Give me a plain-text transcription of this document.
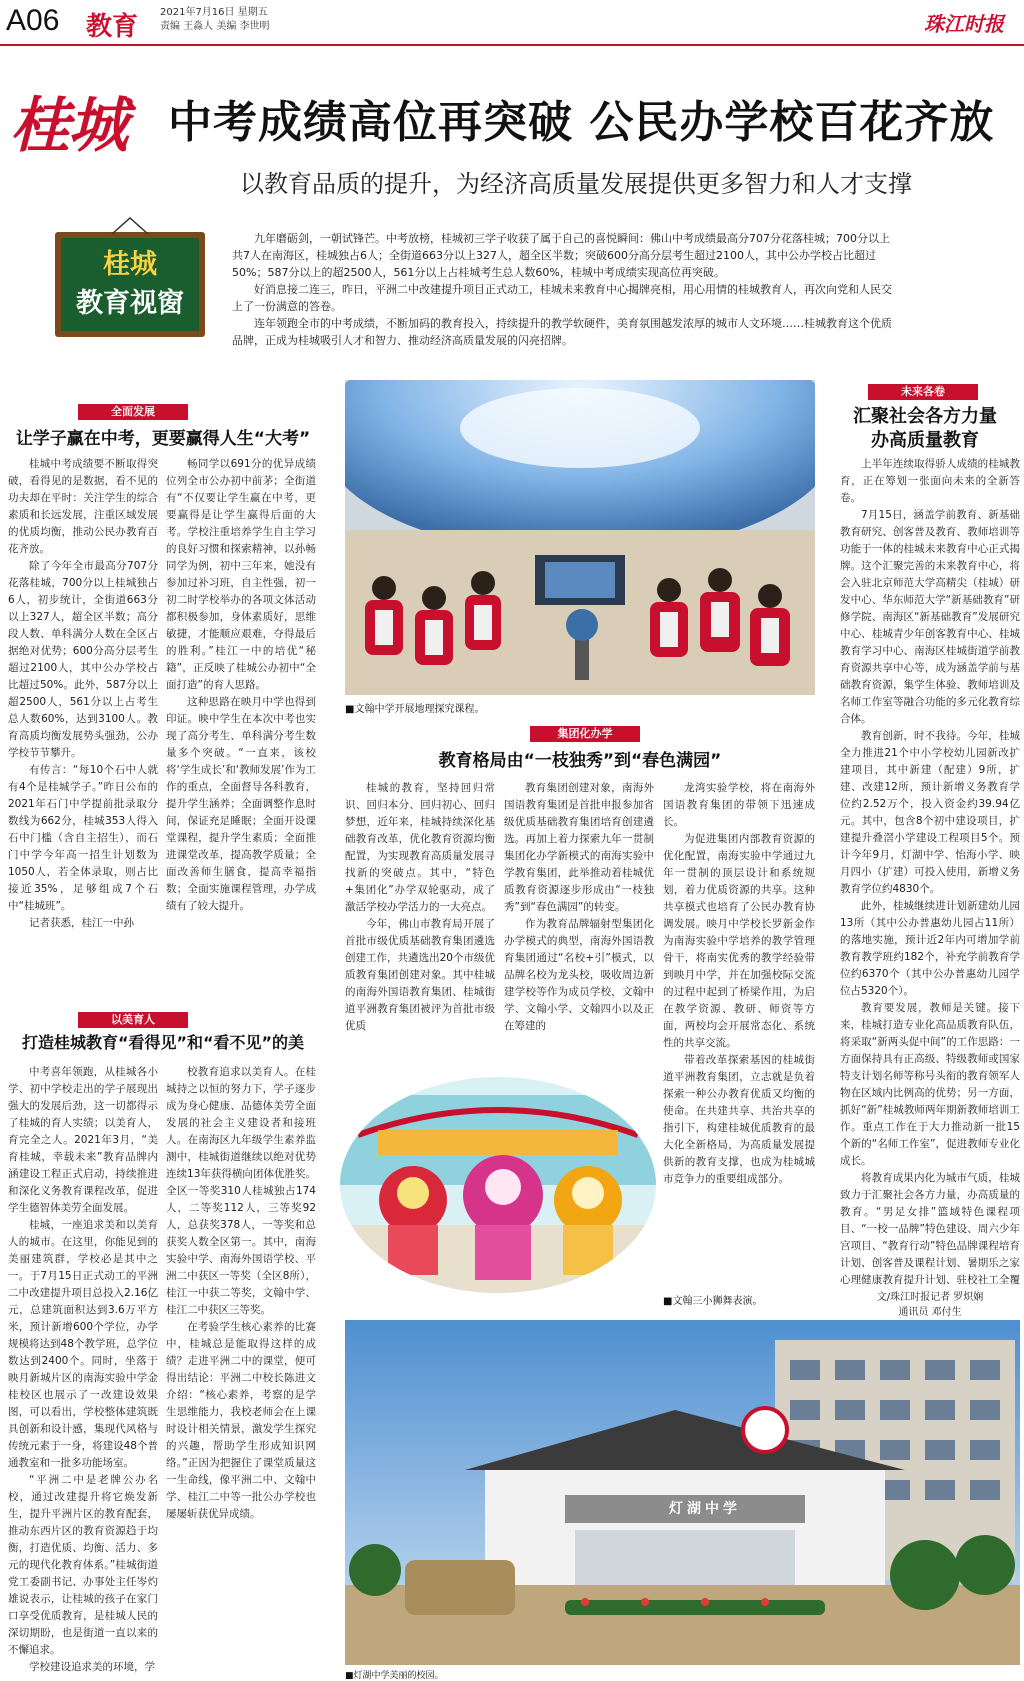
A06 教育 2021年7月16日 星期五
责编 王淼人 美编 李世明	珠江时报
桂城 中考成绩高位再突破 公民办学校百花齐放
以教育品质的提升，为经济高质量发展提供更多智力和人才支撑
桂城
教育视窗

九年磨砺剑，一朝试锋芒。中考放榜，桂城初三学子收获了属于自己的喜悦瞬间：佛山中考成绩最高分707分花落桂城；700分以上共7人在南海区，桂城独占6人；全街道663分以上327人，超全区半数；突破600分高分层考生超过2100人，其中公办学校占比超过50%；587分以上的超2500人，561分以上占桂城考生总人数60%，桂城中考成绩实现高位再突破。

好消息接二连三，昨日，平洲二中改建提升项目正式动工，桂城未来教育中心揭牌亮相，用心用情的桂城教育人，再次向党和人民交上了一份满意的答卷。

连年领跑全市的中考成绩，不断加码的教育投入，持续提升的教学软硬件，美育氛围越发浓厚的城市人文环境……桂城教育这个优质品牌，正成为桂城吸引人才和智力、推动经济高质量发展的闪亮招牌。

全面发展
让学子赢在中考，更要赢得人生“大考”

桂城中考成绩要不断取得突破，看得见的是数据，看不见的功夫却在平时：关注学生的综合素质和长远发展，注重区域发展的优质均衡，推动公民办教育百花齐放。

除了今年全市最高分707分花落桂城，700分以上桂城独占6人，初步统计，全街道663分以上327人，超全区半数；高分段人数、单科满分人数在全区占据绝对优势；600分高分层考生超过2100人，其中公办学校占比超过50%。此外，587分以上超2500人，561分以上占考生总人数60%，达到3100人。教育高质均衡发展势头强劲，公办学校节节攀升。

有传言：“每10个石中人就有4个是桂城学子。”昨日公布的2021年石门中学提前批录取分数线为662分，桂城353人得入石中门槛（含自主招生），而石门中学今年高一招生计划数为1050人，若全体录取，则占比接近35%，足够组成7个石中“桂城班”。

记者获悉，桂江一中孙

畅同学以691分的优异成绩位列全市公办初中前茅；全街道有“不仅要让学生赢在中考，更要赢得是让学生赢得后面的大考。学校注重培养学生自主学习的良好习惯和探索精神，以孙畅同学为例，初中三年来，她没有参加过补习班，自主性强，初一初二时学校举办的各项文体活动都积极参加，身体素质好，思维敏捷，才能顺应艰难，夺得最后的胜利。”桂江一中的培优“秘籍”，正反映了桂城公办初中“全面打造”的育人思路。

这种思路在映月中学也得到印证。映中学生在本次中考也实现了高分考生、单科满分考生数量多个突破。“一直来，该校将‘学生成长’和‘教师发展’作为工作的重点，全面督导各科教育，提升学生涵养；全面调整作息时间，保证充足睡眠；全面开设课堂课程，提升学生素质；全面推进课堂改革，提高教学质量；全面改善师生膳食，提高幸福指数；全面实施课程管理，办学成绩有了较大提升。

以美育人
打造桂城教育“看得见”和“看不见”的美

中考喜年领跑，从桂城各小学、初中学校走出的学子展现出强大的发展后劲，这一切都得示了桂城的育人实绩；以美育人，育完全之人。2021年3月，“美育桂城，幸载未来”教育品牌内涵建设工程正式启动，持续推进和深化义务教育课程改革，促进学生德智体美劳全面发展。

桂城，一座追求美和以美育人的城市。在这里，你能见到的美丽建筑群，学校必是其中之一。于7月15日正式动工的平洲二中改建提升项目总投入2.16亿元，总建筑面积达到3.6万平方米，预计新增600个学位，办学规模将达到48个教学班，总学位数达到2400个。同时，坐落于映月新城片区的南海实验中学金桂校区也展示了一改建设效果图，可以看出，学校整体建筑既具创新和设计感，集现代风格与传统元素于一身，将建设48个普通教室和一批多功能场室。

“平洲二中是老牌公办名校，通过改建提升将它焕发新生，提升平洲片区的教育配套，推动东西片区的教育资源趋于均衡，打造优质、均衡、活力、多元的现代化教育体系。”桂城街道党工委副书记、办事处主任岑灼雄说表示，让桂城的孩子在家门口享受优质教育，是桂城人民的深切期盼，也是街道一直以来的不懈追求。

学校建设追求美的环境，学

校教育追求以美育人。在桂城持之以恒的努力下，学子逐步成为身心健康、品德体美劳全面发展的社会主义建设者和接班人。在南海区九年级学生素养监测中，桂城街道继续以绝对优势连续13年获得横向团体优胜奖。全区一等奖310人桂城独占174人，二等奖112人，三等奖92人，总获奖378人，一等奖和总获奖人数全区第一。其中，南海实验中学、南海外国语学校、平洲二中获区一等奖（全区8所），桂江一中获二等奖，文翰中学、桂江二中获区三等奖。

在考验学生核心素养的比赛中，桂城总是能取得这样的成绩？走进平洲二中的课堂，便可得出结论：平洲二中校长陈进文介绍：“核心素养，考察的是学生思维能力，我校老师会在上课时设计相关情景，激发学生探究的兴趣，帮助学生形成知识网络。”正因为把握住了课堂质量这一生命线，像平洲二中、文翰中学、桂江二中等一批公办学校也屡屡斩获优异成绩。

■文翰中学开展地理探究课程。
集团化办学
教育格局由“一枝独秀”到“春色满园”

桂城的教育，坚持回归常识、回归本分、回归初心、回归梦想，近年来，桂城持续深化基础教育改革，优化教育资源均衡配置，为实现教育高质量发展寻找新的突破点。其中，“特色+集团化”办学双轮驱动，成了激活学校办学活力的一大亮点。

今年，佛山市教育局开展了首批市级优质基础教育集团遴选创建工作，共遴选出20个市级优质教育集团创建对象。其中桂城的南海外国语教育集团、桂城街道平洲教育集团被评为首批市级优质

教育集团创建对象，南海外国语教育集团是首批申报参加省级优质基础教育集团培育创建遴选。再加上着力探索九年一贯制集团化办学新模式的南海实验中学教育集团，此举推动着桂城优质教育资源逐步形成由“一枝独秀”到“春色满园”的转变。

作为教育品牌辐射型集团化办学模式的典型，南海外国语教育集团通过“名校+引”模式，以品牌名校为龙头校，吸收周边新建学校等作为成员学校，文翰中学、文翰小学、文翰四小以及正在筹建的

龙湾实验学校，将在南海外国语教育集团的带领下迅速成长。

为促进集团内部教育资源的优化配置，南海实验中学通过九年一贯制的顶层设计和系统规划，着力优质资源的共享。这种共享模式也培育了公民办教育协调发展。映月中学校长罗新金作为南海实验中学培养的教学管理骨干，将南实优秀的教学经验带到映月中学，并在加强校际交流的过程中起到了桥梁作用，为启在教学资源、教研、师资等方面，两校均会开展常态化、系统性的共享交流。

带着改革探索基因的桂城街道平洲教育集团，立志就是负着探索一种公办教育优质又均衡的使命。在共建共享、共治共享的指引下，构建桂城优质教育的最大化全新格局，为高质量发展提供新的教育支撑，也成为桂城城市竞争力的重要组成部分。

■文翰三小狮舞表演。
未来各卷
汇聚社会各方力量
办高质量教育

上半年连续取得骄人成绩的桂城教育，正在筹划一张面向未来的全新答卷。

7月15日，涵盖学前教育、新基础教育研究、创客普及教育、教师培训等功能于一体的桂城未来教育中心正式揭牌。这个汇聚完善的未来教育中心，将会入驻北京师范大学高精尖（桂城）研发中心、华东师范大学“新基础教育”研修学院、南海区“新基础教育”发展研究中心、桂城青少年创客教育中心、桂城教育学习中心、南海区桂城街道学前教育资源共享中心等，成为涵盖学前与基础教育资源，集学生体验、教师培训及名师工作室等融合功能的多元化教育综合体。

教育创新，时不我待。今年，桂城全力推进21个中小学校幼儿园新改扩建项目，其中新建（配建）9所，扩建、改建12所，预计新增义务教育学位约2.52万个，投入资金约39.94亿元。其中，包含8个初中建设项目，扩建提升叠滘小学建设工程项目5个。预计今年9月，灯湖中学、怡海小学、映月四小（扩建）可投入使用，新增义务教育学位约4830个。

此外，桂城继续进计划新建幼儿园13所（其中公办普惠幼儿园占11所）的落地实施，预计近2年内可增加学前教育教学班约182个，补充学前教育学位约6370个（其中公办普惠幼儿园学位占5320个）。

教育要发展，教师是关键。接下来，桂城打造专业化高品质教育队伍，将采取“新两头促中间”的工作思路：一方面保持具有正高级、特级教师或国家特支计划名师等称号头衔的教育领军人物在区域内比例高的优势；另一方面，抓好“新”桂城教师两年期新教师培训工作。重点工作在于大力推动新一批15个新的“名师工作室”，促进教师专业化成长。

将教育成果内化为城市气质，桂城致力于汇聚社会各方力量，办高质量的教育。“男足女排”篮域特色课程项目、“一校一品牌”特色建设、周六少年宫项目、“教育行动”特色品牌课程培育计划、创客普及课程计划、暑期乐之家心理健康教育提升计划、驻校社工全覆

文/珠江时报记者 罗炽娴
通讯员 邓付生
灯湖中学
■灯湖中学美丽的校园。
